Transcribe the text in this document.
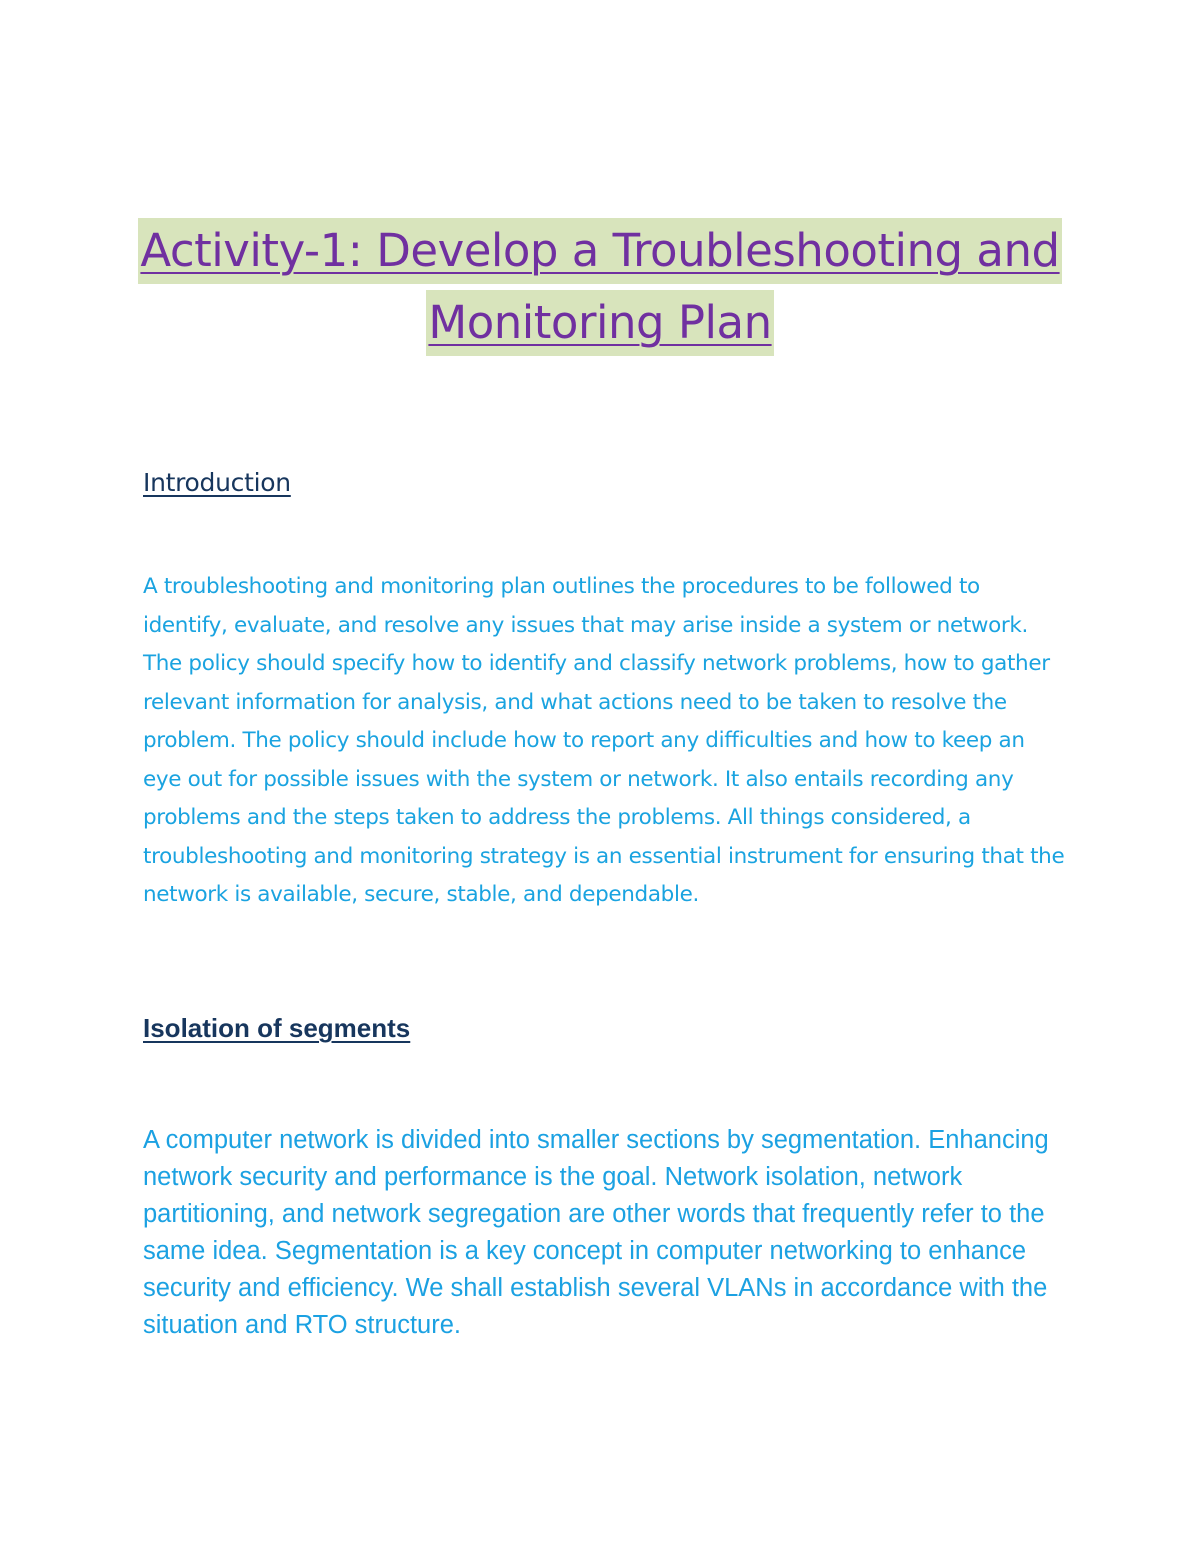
Activity-1: Develop a Troubleshooting and
Monitoring Plan
Introduction

A troubleshooting and monitoring plan outlines the procedures to be followed to identify, evaluate, and resolve any issues that may arise inside a system or network. The policy should specify how to identify and classify network problems, how to gather relevant information for analysis, and what actions need to be taken to resolve the problem. The policy should include how to report any difficulties and how to keep an eye out for possible issues with the system or network. It also entails recording any problems and the steps taken to address the problems. All things considered, a troubleshooting and monitoring strategy is an essential instrument for ensuring that the network is available, secure, stable, and dependable.

Isolation of segments

A computer network is divided into smaller sections by segmentation. Enhancing network security and performance is the goal. Network isolation, network partitioning, and network segregation are other words that frequently refer to the same idea. Segmentation is a key concept in computer networking to enhance security and efficiency. We shall establish several VLANs in accordance with the situation and RTO structure.
